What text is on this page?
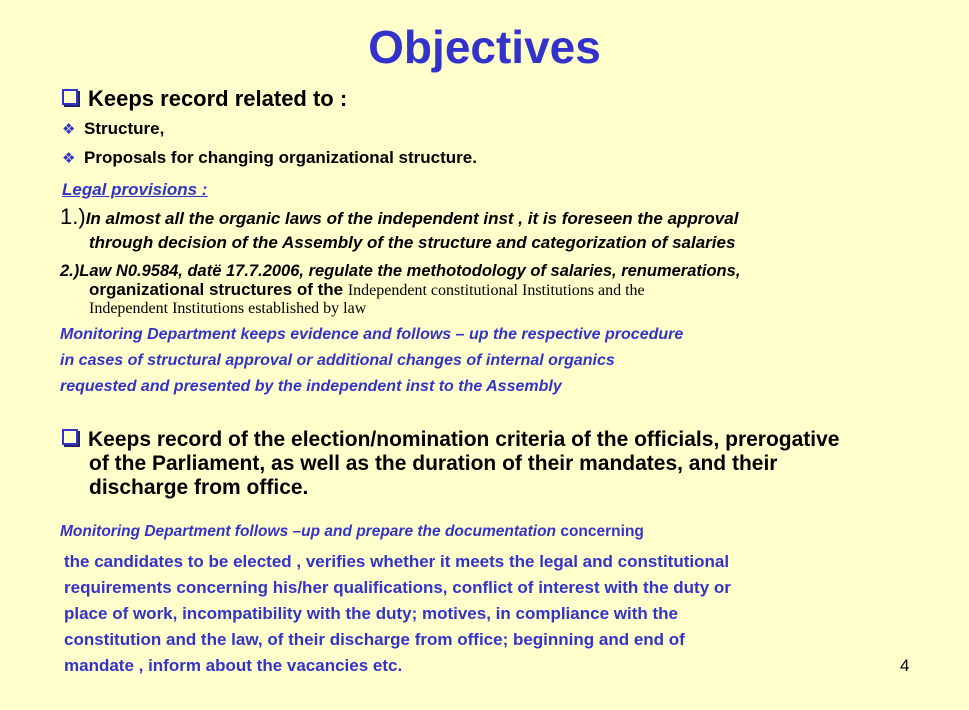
Objectives
Keeps record related to :
❖ Structure,
❖ Proposals for changing organizational structure.
Legal provisions :
1.)In almost all the organic laws of the independent inst , it is foreseen the approval
through decision of the Assembly of the structure and categorization of salaries
2.)Law N0.9584, datë 17.7.2006, regulate the methotodology of salaries, renumerations,
organizational structures of the Independent constitutional Institutions and the
Independent Institutions established by law
Monitoring Department keeps evidence and follows – up the respective procedure
in cases of structural approval or additional changes of internal organics
requested and presented by the independent inst to the Assembly
Keeps record of the election/nomination criteria of the officials, prerogative
of the Parliament, as well as the duration of their mandates, and their
discharge from office.
Monitoring Department follows –up and prepare the documentation concerning
the candidates to be elected , verifies whether it meets the legal and constitutional
requirements concerning his/her qualifications, conflict of interest with the duty or
place of work, incompatibility with the duty; motives, in compliance with the
constitution and the law, of their discharge from office; beginning and end of
mandate , inform about the vacancies etc.	4
